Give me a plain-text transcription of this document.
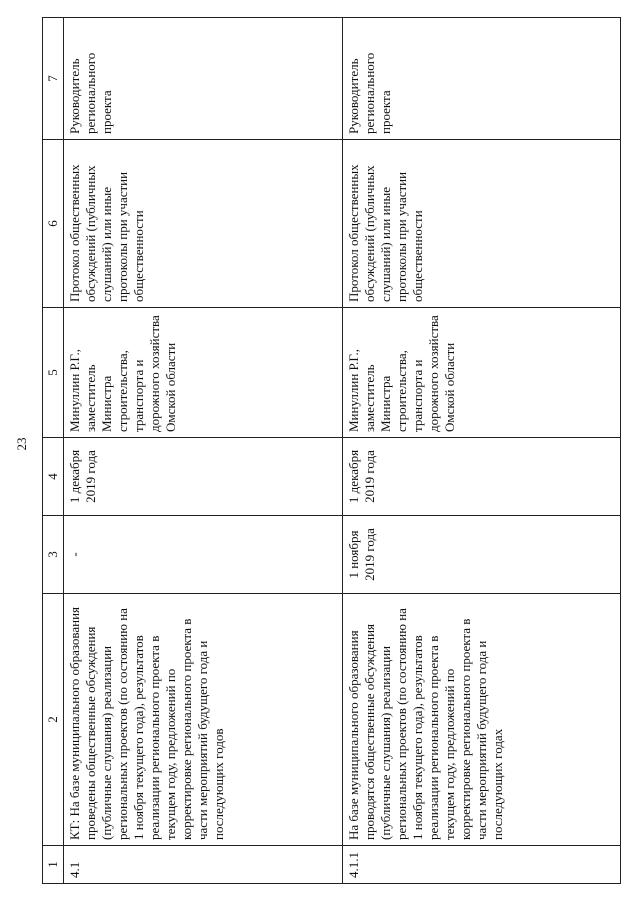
23
1	2	3	4	5	6	7
4.1	КТ: На базе муниципального образования проведены общественные обсуждения (публичные слушания) реализации региональных проектов (по состоянию на 1 ноября текущего года), результатов реализации регионального проекта в текущем году, предложений по корректировке регионального проекта в части мероприятий будущего года и последующих годов	-	1 декабря 2019 года	Минуллин Р.Г., заместитель Министра строительства, транспорта и дорожного хозяйства Омской области	Протокол общественных обсуждений (публичных слушаний) или иные протоколы при участии общественности	Руководитель регионального проекта
4.1.1	На базе муниципального образования проводятся общественные обсуждения (публичные слушания) реализации региональных проектов (по состоянию на 1 ноября текущего года), результатов реализации регионального проекта в текущем году, предложений по корректировке регионального проекта в части мероприятий будущего года и последующих годах	1 ноября 2019 года	1 декабря 2019 года	Минуллин Р.Г., заместитель Министра строительства, транспорта и дорожного хозяйства Омской области	Протокол общественных обсуждений (публичных слушаний) или иные протоколы при участии общественности	Руководитель регионального проекта
